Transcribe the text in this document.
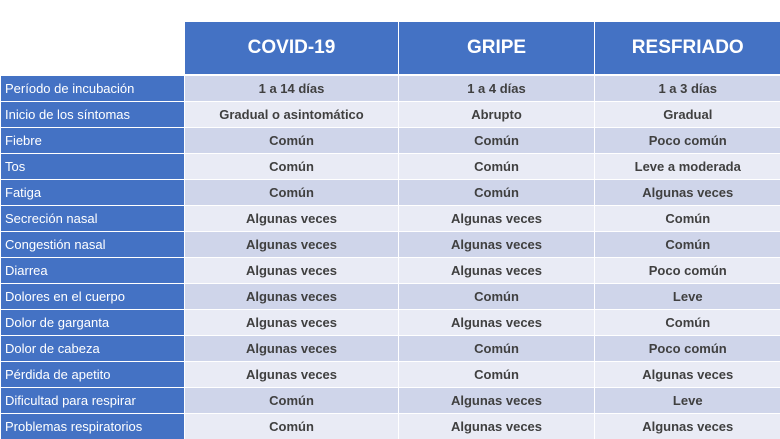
	COVID-19	GRIPE	RESFRIADO
Período de incubación	1 a 14 días	1 a 4 días	1 a 3 días
Inicio de los síntomas	Gradual o asintomático	Abrupto	Gradual
Fiebre	Común	Común	Poco común
Tos	Común	Común	Leve a moderada
Fatiga	Común	Común	Algunas veces
Secreción nasal	Algunas veces	Algunas veces	Común
Congestión nasal	Algunas veces	Algunas veces	Común
Diarrea	Algunas veces	Algunas veces	Poco común
Dolores en el cuerpo	Algunas veces	Común	Leve
Dolor de garganta	Algunas veces	Algunas veces	Común
Dolor de cabeza	Algunas veces	Común	Poco común
Pérdida de apetito	Algunas veces	Común	Algunas veces
Dificultad para respirar	Común	Algunas veces	Leve
Problemas respiratorios	Común	Algunas veces	Algunas veces
